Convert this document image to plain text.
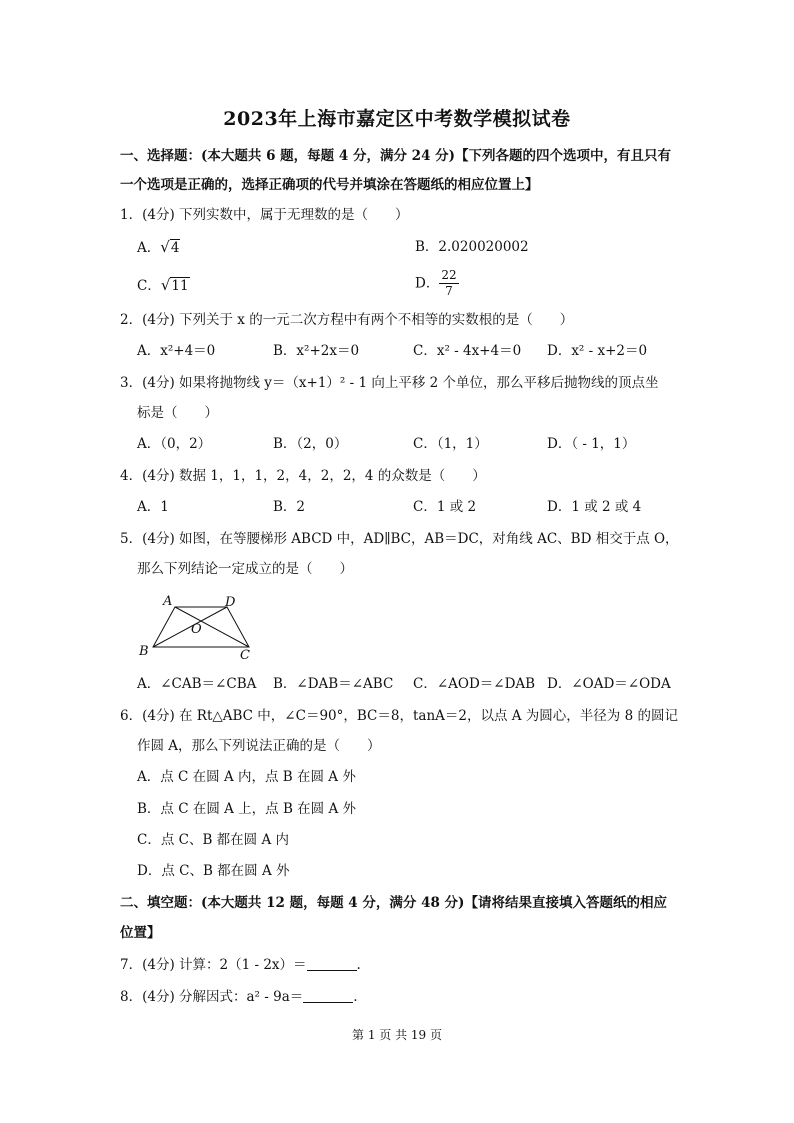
2023年上海市嘉定区中考数学模拟试卷
一、选择题：(本大题共 6 题，每题 4 分，满分 24 分)【下列各题的四个选项中，有且只有
一个选项是正确的，选择正确项的代号并填涂在答题纸的相应位置上】
1．(4分) 下列实数中，属于无理数的是（　　）
A．√4	B．2.020020002
C．√11	D． $\frac{22}{7}$
2．(4分) 下列关于 x 的一元二次方程中有两个不相等的实数根的是（　　）
A．x²+4＝0	B．x²+2x＝0	C．x² - 4x+4＝0 D．x² - x+2＝0
3．(4分) 如果将抛物线 y＝（x+1）² - 1 向上平移 2 个单位，那么平移后抛物线的顶点坐
标是（　　）
A．（0，2）	B．（2，0）	C．（1，1）	D．（ - 1，1）
4．(4分) 数据 1，1，1，2，4，2，2，4 的众数是（　　）
A．1	B．2	C．1 或 2	D．1 或 2 或 4
5．(4分) 如图，在等腰梯形 ABCD 中，AD∥BC，AB＝DC，对角线 AC、BD 相交于点 O，
那么下列结论一定成立的是（　　）
A	D
O
B	C
A．∠CAB＝∠CBA B．∠DAB＝∠ABC C．∠AOD＝∠DAB D．∠OAD＝∠ODA
6．(4分) 在 Rt△ABC 中，∠C＝90°，BC＝8，tanA＝2，以点 A 为圆心，半径为 8 的圆记
作圆 A，那么下列说法正确的是（　　）
A．点 C 在圆 A 内，点 B 在圆 A 外
B．点 C 在圆 A 上，点 B 在圆 A 外
C．点 C、B 都在圆 A 内
D．点 C、B 都在圆 A 外
二、填空题：(本大题共 12 题，每题 4 分，满分 48 分)【请将结果直接填入答题纸的相应
位置】
7．(4分) 计算：2（1 - 2x）＝	.
8．(4分) 分解因式：a² - 9a＝	.
第 1 页 共 19 页
